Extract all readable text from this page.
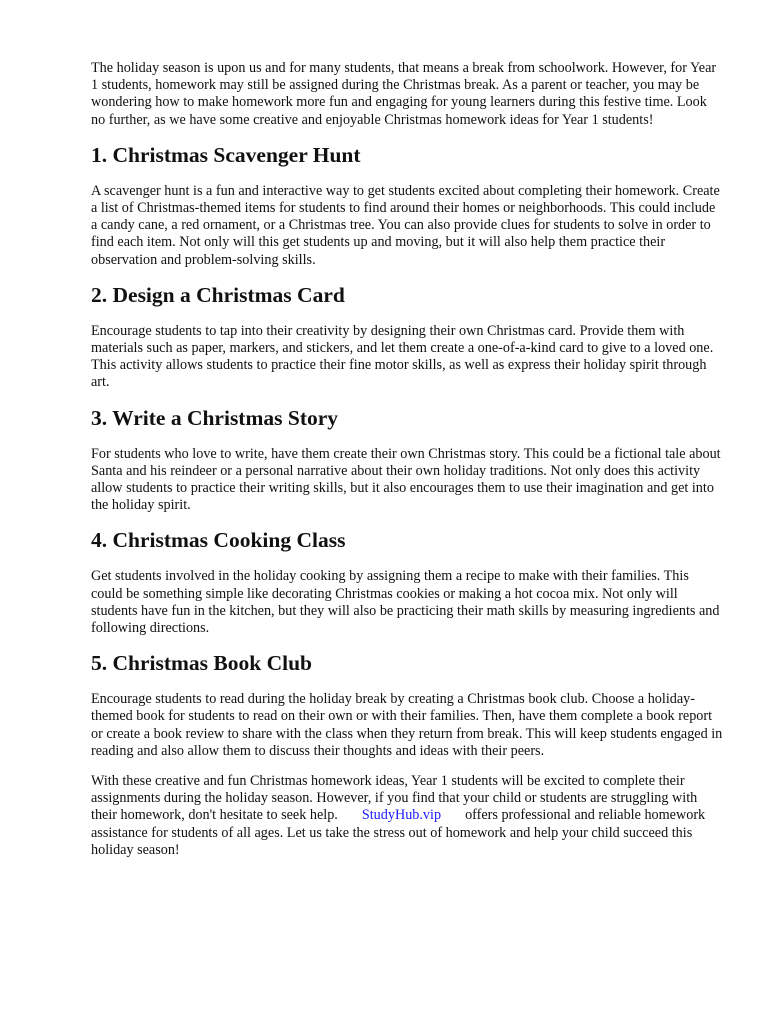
The holiday season is upon us and for many students, that means a break from schoolwork. However, for Year 1 students, homework may still be assigned during the Christmas break. As a parent or teacher, you may be wondering how to make homework more fun and engaging for young learners during this festive time. Look no further, as we have some creative and enjoyable Christmas homework ideas for Year 1 students!

1. Christmas Scavenger Hunt

A scavenger hunt is a fun and interactive way to get students excited about completing their homework. Create a list of Christmas-themed items for students to find around their homes or neighborhoods. This could include a candy cane, a red ornament, or a Christmas tree. You can also provide clues for students to solve in order to find each item. Not only will this get students up and moving, but it will also help them practice their observation and problem-solving skills.

2. Design a Christmas Card

Encourage students to tap into their creativity by designing their own Christmas card. Provide them with materials such as paper, markers, and stickers, and let them create a one-of-a-kind card to give to a loved one. This activity allows students to practice their fine motor skills, as well as express their holiday spirit through art.

3. Write a Christmas Story

For students who love to write, have them create their own Christmas story. This could be a fictional tale about Santa and his reindeer or a personal narrative about their own holiday traditions. Not only does this activity allow students to practice their writing skills, but it also encourages them to use their imagination and get into the holiday spirit.

4. Christmas Cooking Class

Get students involved in the holiday cooking by assigning them a recipe to make with their families. This could be something simple like decorating Christmas cookies or making a hot cocoa mix. Not only will students have fun in the kitchen, but they will also be practicing their math skills by measuring ingredients and following directions.

5. Christmas Book Club

Encourage students to read during the holiday break by creating a Christmas book club. Choose a holiday-themed book for students to read on their own or with their families. Then, have them complete a book report or create a book review to share with the class when they return from break. This will keep students engaged in reading and also allow them to discuss their thoughts and ideas with their peers.

With these creative and fun Christmas homework ideas, Year 1 students will be excited to complete their assignments during the holiday season. However, if you find that your child or students are struggling with their homework, don't hesitate to seek help. StudyHub.vip offers professional and reliable homework assistance for students of all ages. Let us take the stress out of homework and help your child succeed this holiday season!
